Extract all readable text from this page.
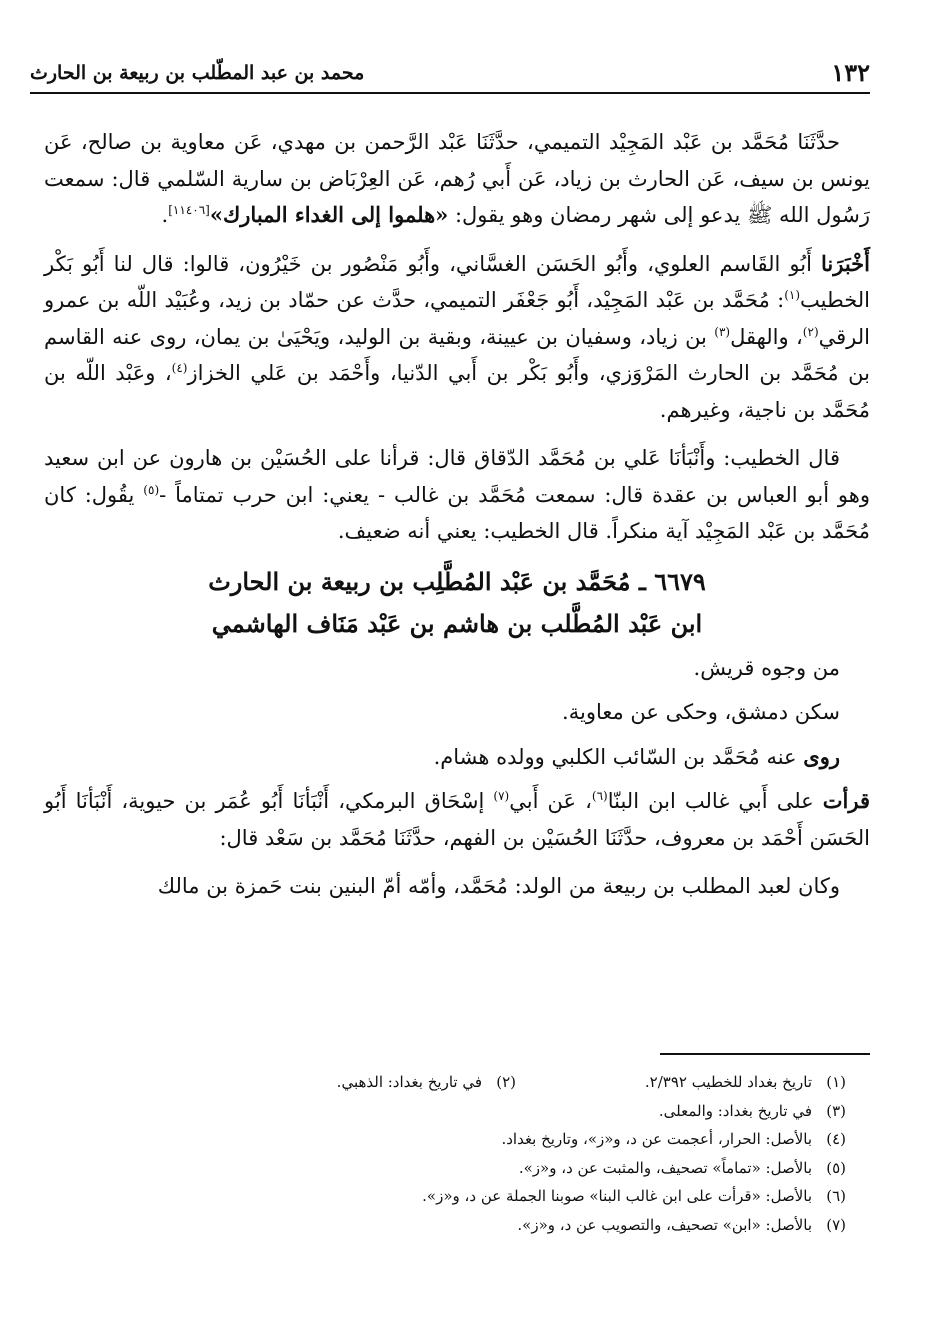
١٣٢
محمد بن عبد المطّلب بن ربيعة بن الحارث

حدَّثَنَا مُحَمَّد بن عَبْد المَجِيْد التميمي، حدَّثَنَا عَبْد الرَّحمن بن مهدي، عَن معاوية بن صالح، عَن يونس بن سيف، عَن الحارث بن زياد، عَن أَبي رُهم، عَن العِرْبَاض بن سارية السّلمي قال: سمعت رَسُول الله ﷺ يدعو إلى شهر رمضان وهو يقول: «هلموا إلى الغداء المبارك»[١١٤٠٦].

أَخْبَرَنا أَبُو القَاسم العلوي، وأَبُو الحَسَن الغسَّاني، وأَبُو مَنْصُور بن خَيْرُون، قالوا: قال لنا أَبُو بَكْر الخطيب$^{(١)}$: مُحَمَّد بن عَبْد المَجِيْد، أَبُو جَعْفَر التميمي، حدَّث عن حمّاد بن زيد، وعُبَيْد اللّه بن عمرو الرقي$^{(٢)}$، والهقل$^{(٣)}$ بن زياد، وسفيان بن عيينة، وبقية بن الوليد، ويَحْيَىٰ بن يمان، روى عنه القاسم بن مُحَمَّد بن الحارث المَرْوَزي، وأَبُو بَكْر بن أَبي الدّنيا، وأَحْمَد بن عَلي الخزاز$^{(٤)}$، وعَبْد اللّه بن مُحَمَّد بن ناجية، وغيرهم.

قال الخطيب: وأَنْبَأنَا عَلي بن مُحَمَّد الدّقاق قال: قرأنا على الحُسَيْن بن هارون عن ابن سعيد وهو أبو العباس بن عقدة قال: سمعت مُحَمَّد بن غالب - يعني: ابن حرب تمتاماً -$^{(٥)}$ يقُول: كان مُحَمَّد بن عَبْد المَجِيْد آية منكراً. قال الخطيب: يعني أنه ضعيف.

٦٦٧٩ ـ مُحَمَّد بن عَبْد المُطَّلِب بن ربيعة بن الحارث
ابن عَبْد المُطَّلب بن هاشم بن عَبْد مَنَاف الهاشمي

من وجوه قريش.

سكن دمشق، وحكى عن معاوية.

روى عنه مُحَمَّد بن السّائب الكلبي وولده هشام.

قرأت على أَبي غالب ابن البنّا$^{(٦)}$، عَن أَبي$^{(٧)}$ إسْحَاق البرمكي، أَنْبَأنَا أَبُو عُمَر بن حيوية، أَنْبَأنَا أَبُو الحَسَن أَحْمَد بن معروف، حدَّثَنَا الحُسَيْن بن الفهم، حدَّثَنَا مُحَمَّد بن سَعْد قال:

وكان لعبد المطلب بن ربيعة من الولد: مُحَمَّد، وأمّه أمّ البنين بنت حَمزة بن مالك

(١)تاريخ بغداد للخطيب ٢/٣٩٢.
(٢)في تاريخ بغداد: الذهبي.
(٣)في تاريخ بغداد: والمعلى.
(٤)بالأصل: الحرار، أعجمت عن د، و«ز»، وتاريخ بغداد.
(٥)بالأصل: «تماماً» تصحيف، والمثبت عن د، و«ز».
(٦)بالأصل: «قرأت على ابن غالب البنا» صوبنا الجملة عن د، و«ز».
(٧)بالأصل: «ابن» تصحيف، والتصويب عن د، و«ز».
